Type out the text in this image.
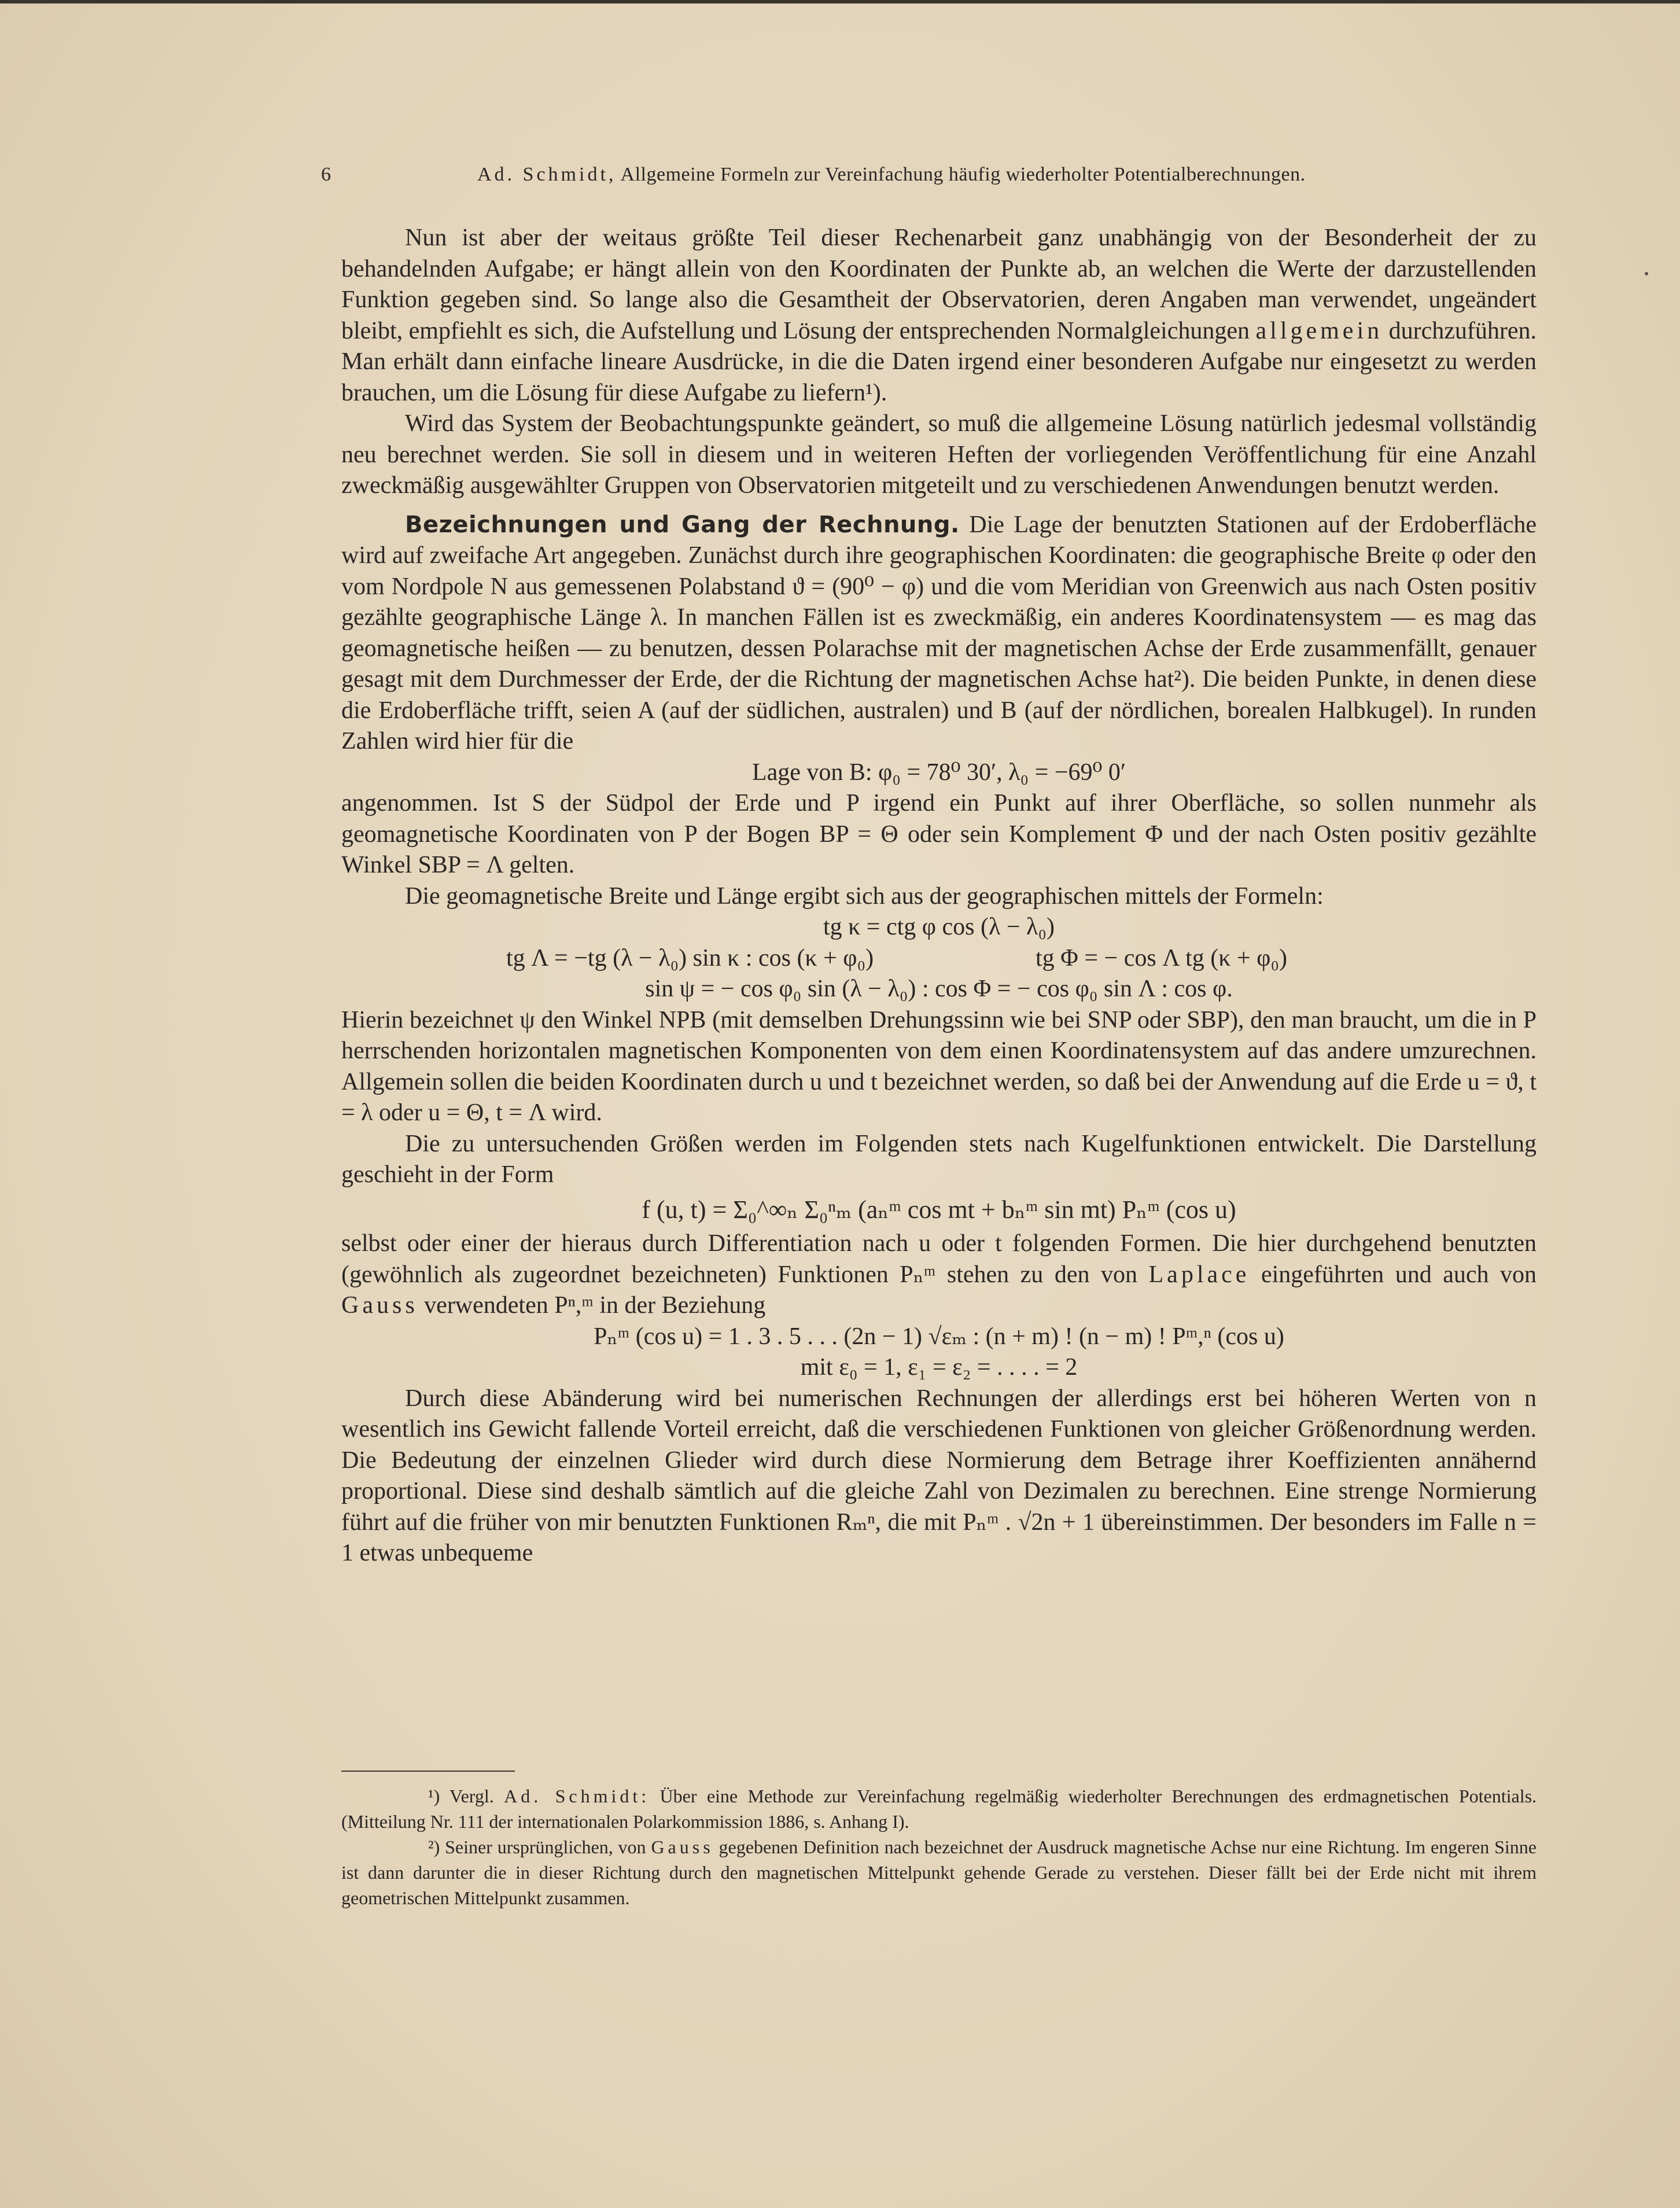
6	Ad. Schmidt, Allgemeine Formeln zur Vereinfachung häufig wiederholter Potentialberechnungen.

Nun ist aber der weitaus größte Teil dieser Rechenarbeit ganz unabhängig von der Besonderheit der zu behandelnden Aufgabe; er hängt allein von den Koordinaten der Punkte ab, an welchen die Werte der darzustellenden Funktion gegeben sind. So lange also die Gesamtheit der Observatorien, deren Angaben man verwendet, ungeändert bleibt, empfiehlt es sich, die Aufstellung und Lösung der entsprechenden Normalgleichungen allgemein durchzuführen. Man erhält dann einfache lineare Ausdrücke, in die die Daten irgend einer besonderen Aufgabe nur eingesetzt zu werden brauchen, um die Lösung für diese Aufgabe zu liefern¹).

Wird das System der Beobachtungspunkte geändert, so muß die allgemeine Lösung natürlich jedesmal vollständig neu berechnet werden. Sie soll in diesem und in weiteren Heften der vorliegenden Veröffentlichung für eine Anzahl zweckmäßig ausgewählter Gruppen von Observatorien mitgeteilt und zu verschiedenen Anwendungen benutzt werden.

Bezeichnungen und Gang der Rechnung. Die Lage der benutzten Stationen auf der Erdoberfläche wird auf zweifache Art angegeben. Zunächst durch ihre geographischen Koordinaten: die geographische Breite φ oder den vom Nordpole N aus gemessenen Polabstand ϑ = (90⁰ − φ) und die vom Meridian von Greenwich aus nach Osten positiv gezählte geographische Länge λ. In manchen Fällen ist es zweckmäßig, ein anderes Koordinatensystem — es mag das geomagnetische heißen — zu benutzen, dessen Polarachse mit der magnetischen Achse der Erde zusammenfällt, genauer gesagt mit dem Durchmesser der Erde, der die Richtung der magnetischen Achse hat²). Die beiden Punkte, in denen diese die Erdoberfläche trifft, seien A (auf der südlichen, australen) und B (auf der nördlichen, borealen Halbkugel). In runden Zahlen wird hier für die

Lage von B: φ₀ = 78⁰ 30′, λ₀ = −69⁰ 0′

angenommen. Ist S der Südpol der Erde und P irgend ein Punkt auf ihrer Oberfläche, so sollen nunmehr als geomagnetische Koordinaten von P der Bogen BP = Θ oder sein Komplement Φ und der nach Osten positiv gezählte Winkel SBP = Λ gelten.

Die geomagnetische Breite und Länge ergibt sich aus der geographischen mittels der Formeln:

tg κ = ctg φ cos (λ − λ₀)

tg Λ = −tg (λ − λ₀) sin κ : cos (κ + φ₀)	tg Φ = − cos Λ tg (κ + φ₀)

sin ψ = − cos φ₀ sin (λ − λ₀) : cos Φ = − cos φ₀ sin Λ : cos φ.

Hierin bezeichnet ψ den Winkel NPB (mit demselben Drehungssinn wie bei SNP oder SBP), den man braucht, um die in P herrschenden horizontalen magnetischen Komponenten von dem einen Koordinatensystem auf das andere umzurechnen. Allgemein sollen die beiden Koordinaten durch u und t bezeichnet werden, so daß bei der Anwendung auf die Erde u = ϑ, t = λ oder u = Θ, t = Λ wird.

Die zu untersuchenden Größen werden im Folgenden stets nach Kugelfunktionen entwickelt. Die Darstellung geschieht in der Form

f (u, t) = Σ₀^∞ₙ Σ₀ⁿₘ (aₙᵐ cos mt + bₙᵐ sin mt) Pₙᵐ (cos u)

selbst oder einer der hieraus durch Differentiation nach u oder t folgenden Formen. Die hier durchgehend benutzten (gewöhnlich als zugeordnet bezeichneten) Funktionen Pₙᵐ stehen zu den von Laplace eingeführten und auch von Gauss verwendeten Pⁿ,ᵐ in der Beziehung

Pₙᵐ (cos u) = 1 . 3 . 5 . . . (2n − 1) √εₘ : (n + m) ! (n − m) ! Pᵐ,ⁿ (cos u)

mit ε₀ = 1, ε₁ = ε₂ = . . . . = 2

Durch diese Abänderung wird bei numerischen Rechnungen der allerdings erst bei höheren Werten von n wesentlich ins Gewicht fallende Vorteil erreicht, daß die verschiedenen Funktionen von gleicher Größenordnung werden. Die Bedeutung der einzelnen Glieder wird durch diese Normierung dem Betrage ihrer Koeffizienten annähernd proportional. Diese sind deshalb sämtlich auf die gleiche Zahl von Dezimalen zu berechnen. Eine strenge Normierung führt auf die früher von mir benutzten Funktionen Rₘⁿ, die mit Pₙᵐ . √2n + 1 übereinstimmen. Der besonders im Falle n = 1 etwas unbequeme

¹) Vergl. Ad. Schmidt: Über eine Methode zur Vereinfachung regelmäßig wiederholter Berechnungen des erdmagnetischen Potentials. (Mitteilung Nr. 111 der internationalen Polarkommission 1886, s. Anhang I).

²) Seiner ursprünglichen, von Gauss gegebenen Definition nach bezeichnet der Ausdruck magnetische Achse nur eine Richtung. Im engeren Sinne ist dann darunter die in dieser Richtung durch den magnetischen Mittelpunkt gehende Gerade zu verstehen. Dieser fällt bei der Erde nicht mit ihrem geometrischen Mittelpunkt zusammen.
